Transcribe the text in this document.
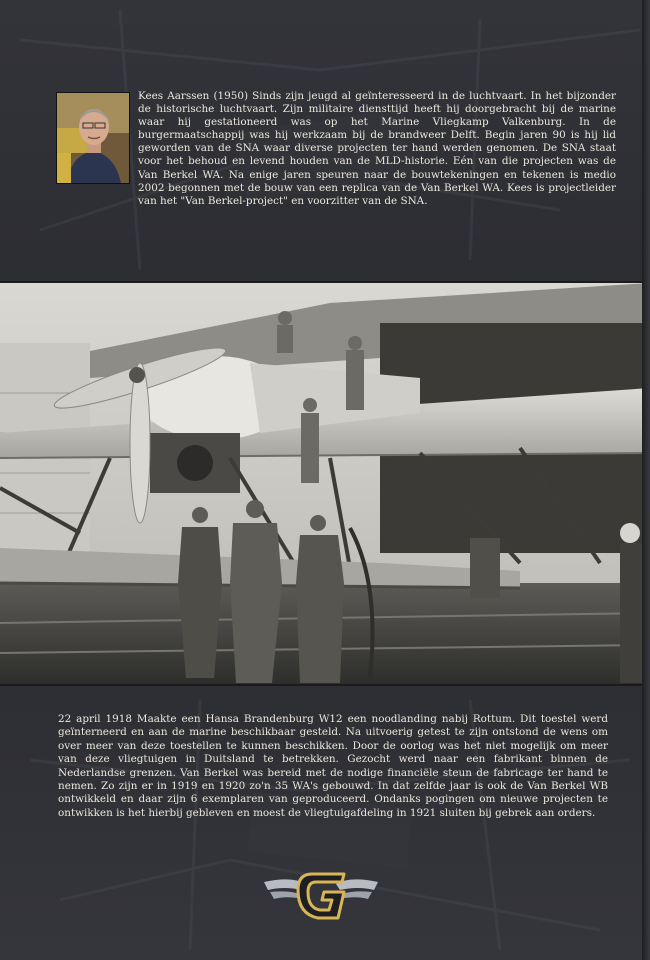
Kees Aarssen (1950) Sinds zijn jeugd al geïnteresseerd in de luchtvaart. In het bijzonder de historische luchtvaart. Zijn militaire diensttijd heeft hij doorgebracht bij de marine waar hij gestationeerd was op het Marine Vliegkamp Valkenburg. In de burgermaatschappij was hij werkzaam bij de brandweer Delft. Begin jaren 90 is hij lid geworden van de SNA waar diverse projecten ter hand werden genomen. De SNA staat voor het behoud en levend houden van de MLD-historie. Eén van die projecten was de Van Berkel WA. Na enige jaren speuren naar de bouwtekeningen en tekenen is medio 2002 begonnen met de bouw van een replica van de Van Berkel WA. Kees is projectleider van het "Van Berkel-project" en voorzitter van de SNA.

22 april 1918 Maakte een Hansa Brandenburg W12 een noodlanding nabij Rottum. Dit toestel werd geïnterneerd en aan de marine beschikbaar gesteld. Na uitvoerig getest te zijn ontstond de wens om over meer van deze toestellen te kunnen beschikken. Door de oorlog was het niet mogelijk om meer van deze vliegtuigen in Duitsland te betrekken. Gezocht werd naar een fabrikant binnen de Nederlandse grenzen. Van Berkel was bereid met de nodige financiële steun de fabricage ter hand te nemen. Zo zijn er in 1919 en 1920 zo'n 35 WA's gebouwd. In dat zelfde jaar is ook de Van Berkel WB ontwikkeld en daar zijn 6 exemplaren van geproduceerd. Ondanks pogingen om nieuwe projecten te ontwikken is het hierbij gebleven en moest de vliegtuigafdeling in 1921 sluiten bij gebrek aan orders.
